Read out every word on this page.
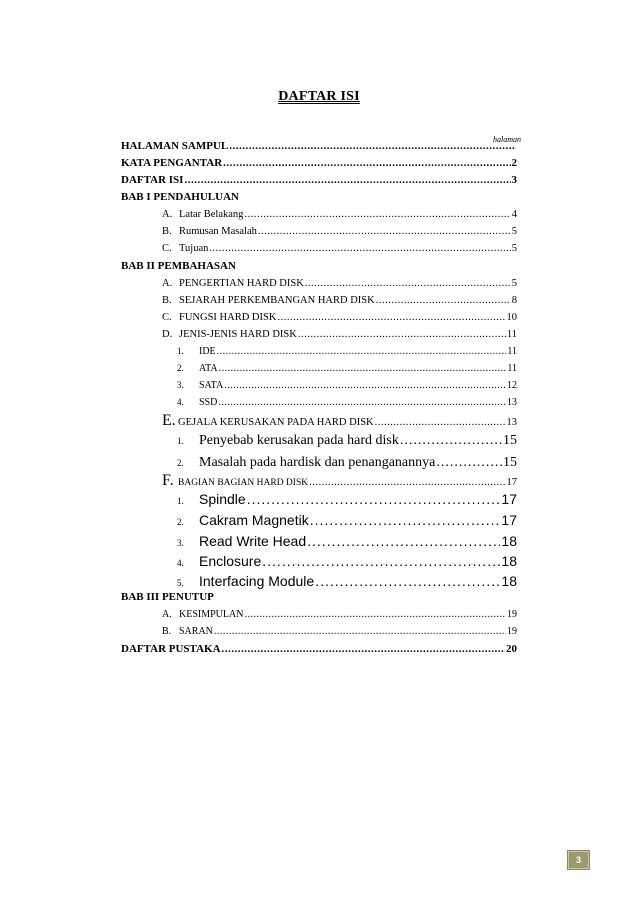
DAFTAR ISI
halaman
HALAMAN SAMPUL
.....
KATA PENGANTAR .....	2
DAFTAR ISI .....	3
BAB I PENDAHULUAN
A. Latar Belakang .....	4
B. Rumusan Masalah .....	5
C. Tujuan .....	5
BAB II PEMBAHASAN
A. PENGERTIAN HARD DISK .....	5
B. SEJARAH PERKEMBANGAN HARD DISK .....	8
C. FUNGSI HARD DISK .....	10
D. JENIS-JENIS HARD DISK .....	11
1. IDE .....	11
2. ATA .....	11
3. SATA .....	12
4. SSD .....	13
E. GEJALA KERUSAKAN PADA HARD DISK .....	13
1. Penyebab kerusakan pada hard disk .....	15
2. Masalah pada hardisk dan penanganannya .....	15
F. BAGIAN BAGIAN HARD DISK .....	17
1. Spindle .....	17
2. Cakram Magnetik .....	17
3. Read Write Head .....	18
4. Enclosure .....	18
5. Interfacing Module .....	18
BAB III PENUTUP
A. KESIMPULAN .....	19
B. SARAN .....	19
DAFTAR PUSTAKA .....	20
3
